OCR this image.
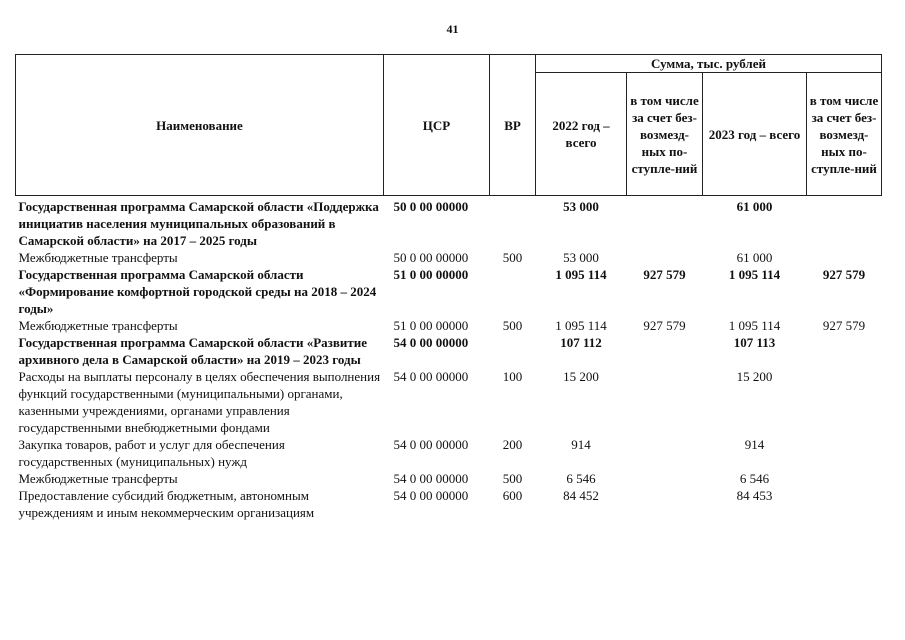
41
Наименование	ЦСР	ВР	Сумма, тыс. рублей			
			2022 год – всего	в том числе за счет без-возмезд-ных по-ступле-ний	2023 год – всего	в том числе за счет без-возмезд-ных по-ступле-ний
Государственная программа Самарской области «Поддержка инициатив населения муниципальных образований в Самарской области» на 2017 – 2025 годы	50 0 00 00000		53 000		61 000	
Межбюджетные трансферты	50 0 00 00000	500	53 000		61 000	
Государственная программа Самарской области «Формирование комфортной городской среды на 2018 – 2024 годы»	51 0 00 00000		1 095 114	927 579	1 095 114	927 579
Межбюджетные трансферты	51 0 00 00000	500	1 095 114	927 579	1 095 114	927 579
Государственная программа Самарской области «Развитие архивного дела в Самарской области» на 2019 – 2023 годы	54 0 00 00000		107 112		107 113	
Расходы на выплаты персоналу в целях обеспечения выполнения функций государственными (муниципальными) органами, казенными учреждениями, органами управления государственными внебюджетными фондами	54 0 00 00000	100	15 200		15 200	
Закупка товаров, работ и услуг для обеспечения государственных (муниципальных) нужд	54 0 00 00000	200	914		914	
Межбюджетные трансферты	54 0 00 00000	500	6 546		6 546	
Предоставление субсидий бюджетным, автономным учреждениям и иным некоммерческим организациям	54 0 00 00000	600	84 452		84 453	
